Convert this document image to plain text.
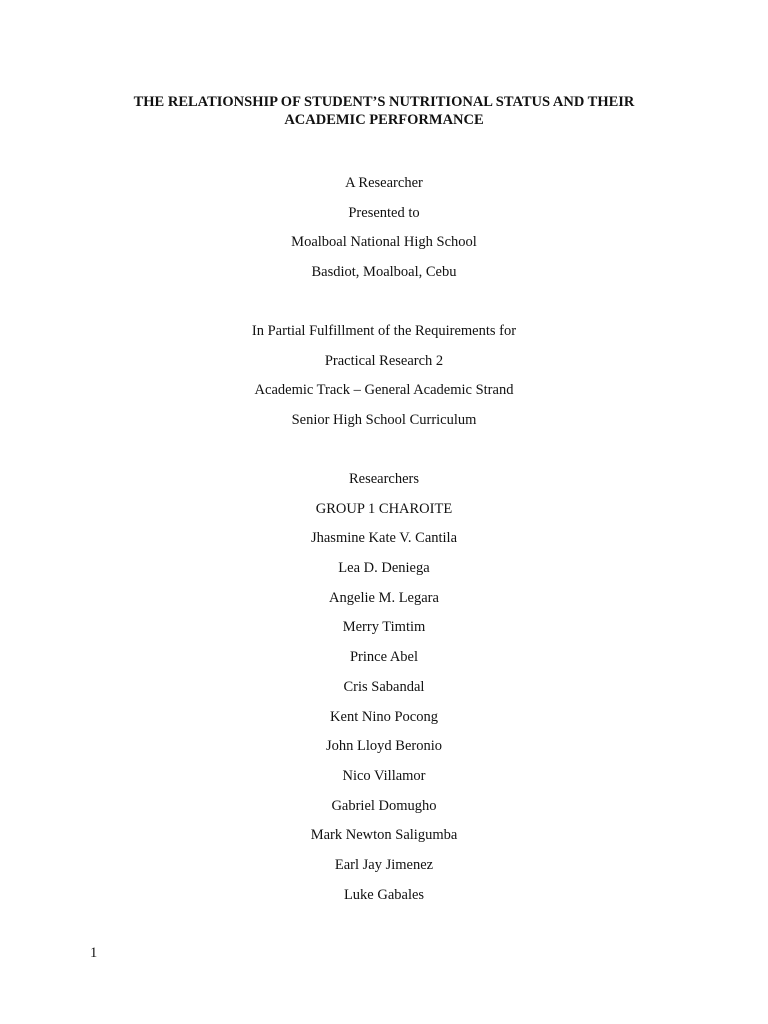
THE RELATIONSHIP OF STUDENT’S NUTRITIONAL STATUS AND THEIR
ACADEMIC PERFORMANCE
A Researcher
Presented to
Moalboal National High School
Basdiot, Moalboal, Cebu
In Partial Fulfillment of the Requirements for
Practical Research 2
Academic Track – General Academic Strand
Senior High School Curriculum
Researchers
GROUP 1 CHAROITE
Jhasmine Kate V. Cantila
Lea D. Deniega
Angelie M. Legara
Merry Timtim
Prince Abel
Cris Sabandal
Kent Nino Pocong
John Lloyd Beronio
Nico Villamor
Gabriel Domugho
Mark Newton Saligumba
Earl Jay Jimenez
Luke Gabales
1
